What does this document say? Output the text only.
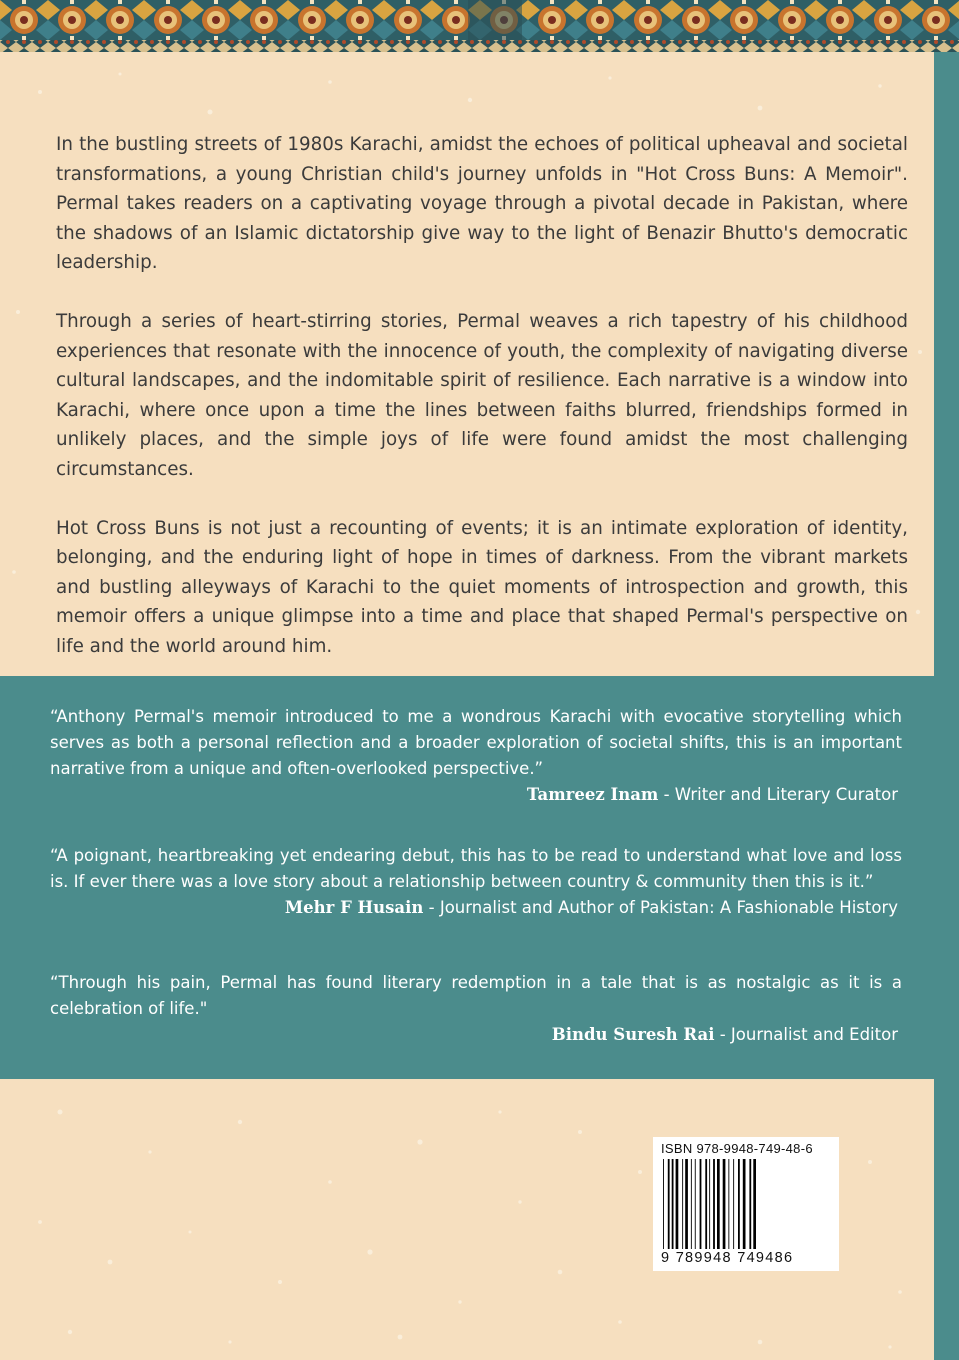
In the bustling streets of 1980s Karachi, amidst the echoes of political upheaval and societal transformations, a young Christian child's journey unfolds in "Hot Cross Buns: A Memoir". Permal takes readers on a captivating voyage through a pivotal decade in Pakistan, where the shadows of an Islamic dictatorship give way to the light of Benazir Bhutto's democratic leadership.

Through a series of heart-stirring stories, Permal weaves a rich tapestry of his childhood experiences that resonate with the innocence of youth, the complexity of navigating diverse cultural landscapes, and the indomitable spirit of resilience. Each narrative is a window into Karachi, where once upon a time the lines between faiths blurred, friendships formed in unlikely places, and the simple joys of life were found amidst the most challenging circumstances.

Hot Cross Buns is not just a recounting of events; it is an intimate exploration of identity, belonging, and the enduring light of hope in times of darkness. From the vibrant markets and bustling alleyways of Karachi to the quiet moments of introspection and growth, this memoir offers a unique glimpse into a time and place that shaped Permal's perspective on life and the world around him.

“Anthony Permal's memoir introduced to me a wondrous Karachi with evocative storytelling which serves as both a personal reflection and a broader exploration of societal shifts, this is an important narrative from a unique and often-overlooked perspective.”

Tamreez Inam - Writer and Literary Curator

“A poignant, heartbreaking yet endearing debut, this has to be read to understand what love and loss is. If ever there was a love story about a relationship between country & community then this is it.”

Mehr F Husain - Journalist and Author of Pakistan: A Fashionable History

“Through his pain, Permal has found literary redemption in a tale that is as nostalgic as it is a celebration of life."

Bindu Suresh Rai - Journalist and Editor

ISBN 978-9948-749-48-6
9 789948 749486
